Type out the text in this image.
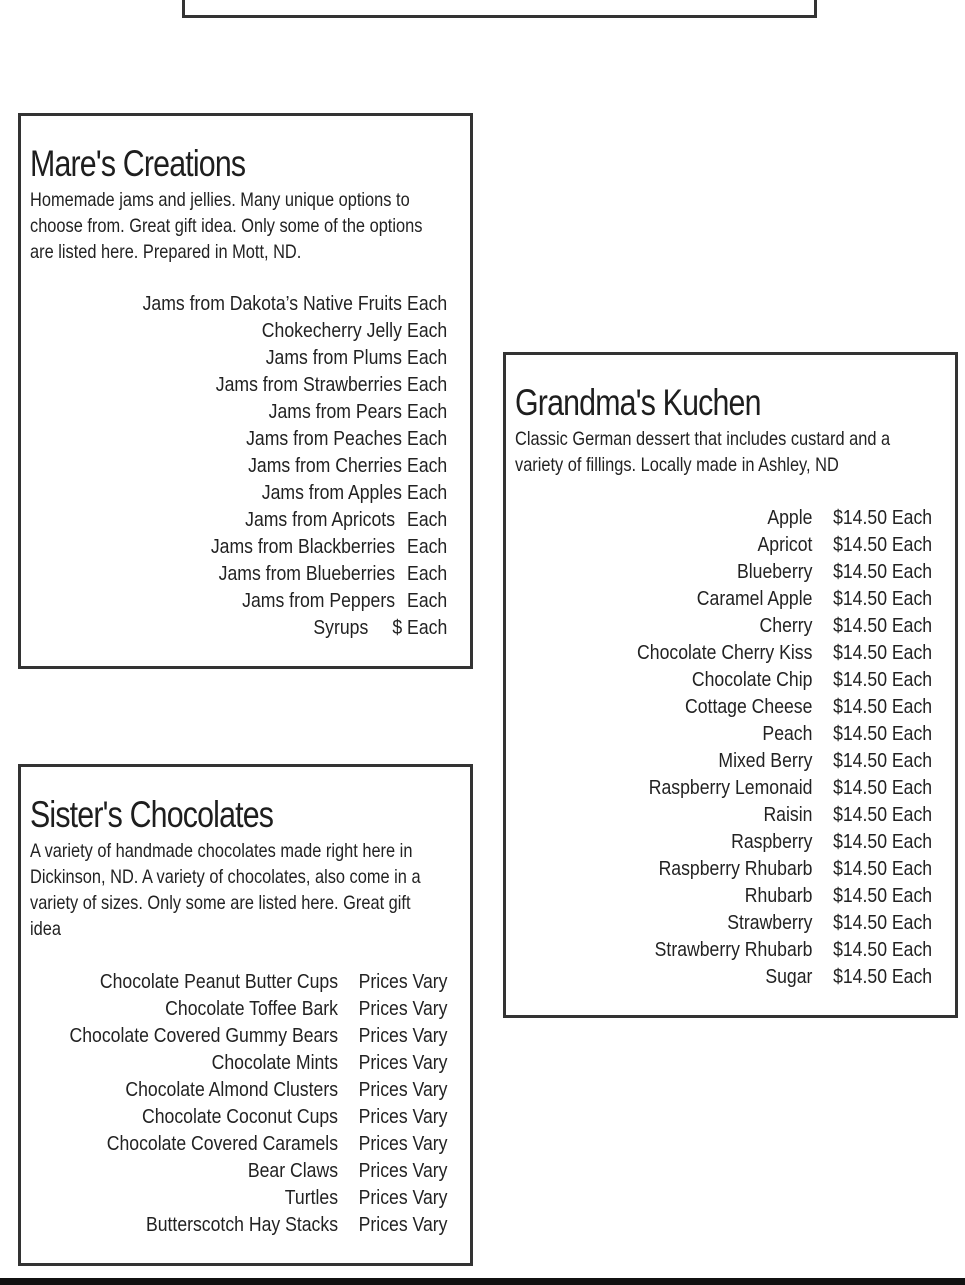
Mare's Creations

Homemade jams and jellies. Many unique options to choose from. Great gift idea. Only some of the options are listed here. Prepared in Mott, ND.

Jams from Dakota’s Native Fruits Each
Chokecherry Jelly Each
Jams from Plums Each
Jams from Strawberries Each
Jams from Pears Each
Jams from Peaches Each
Jams from Cherries Each
Jams from Apples Each
Jams from Apricots Each
Jams from Blackberries Each
Jams from Blueberries Each
Jams from Peppers Each
Syrups $ Each
Grandma's Kuchen

Classic German dessert that includes custard and a variety of fillings. Locally made in Ashley, ND

Apple $14.50 Each
Apricot $14.50 Each
Blueberry $14.50 Each
Caramel Apple $14.50 Each
Cherry $14.50 Each
Chocolate Cherry Kiss $14.50 Each
Chocolate Chip $14.50 Each
Cottage Cheese $14.50 Each
Peach $14.50 Each
Mixed Berry $14.50 Each
Raspberry Lemonaid $14.50 Each
Raisin $14.50 Each
Raspberry $14.50 Each
Raspberry Rhubarb $14.50 Each
Rhubarb $14.50 Each
Strawberry $14.50 Each
Strawberry Rhubarb $14.50 Each
Sugar $14.50 Each
Sister's Chocolates

A variety of handmade chocolates made right here in Dickinson, ND. A variety of chocolates, also come in a variety of sizes. Only some are listed here. Great gift idea

Chocolate Peanut Butter Cups Prices Vary
Chocolate Toffee Bark Prices Vary
Chocolate Covered Gummy Bears Prices Vary
Chocolate Mints Prices Vary
Chocolate Almond Clusters Prices Vary
Chocolate Coconut Cups Prices Vary
Chocolate Covered Caramels Prices Vary
Bear Claws Prices Vary
Turtles Prices Vary
Butterscotch Hay Stacks Prices Vary
